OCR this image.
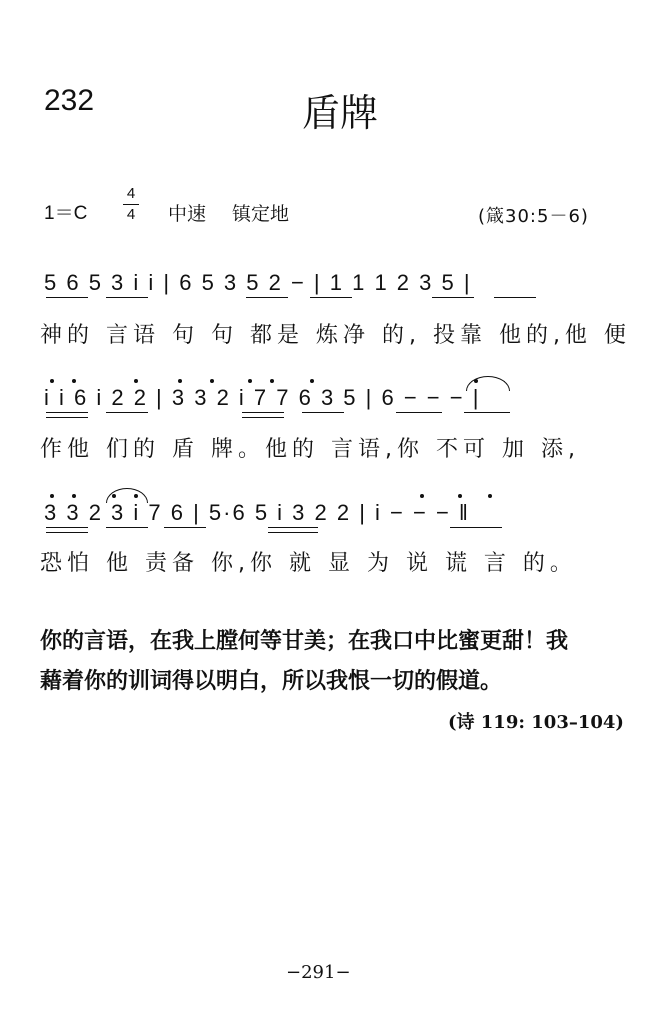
232	盾牌
1＝C
4
4 中速 镇定地	(箴30:5－6)
5 6 5 3 i i | 6 5 3 5 2 − | 1 1 1 2 3 5 |
神的 言语 句 句 都是 炼净 的, 投靠 他的,他 便
i i 6 i 2 2 | 3 3 2 i 7 7 6 3 5 | 6 − − − |
作他 们的 盾 牌。他的 言语,你 不可 加 添,
3 3 2 3 i 7 6 | 5·6 5 i 3 2 2 | i − − − ‖
恐怕 他 责备 你,你 就 显 为 说 谎 言 的。
你的言语，在我上膛何等甘美；在我口中比蜜更甜！我
藉着你的训词得以明白，所以我恨一切的假道。
(诗 119: 103–104)
−291−
